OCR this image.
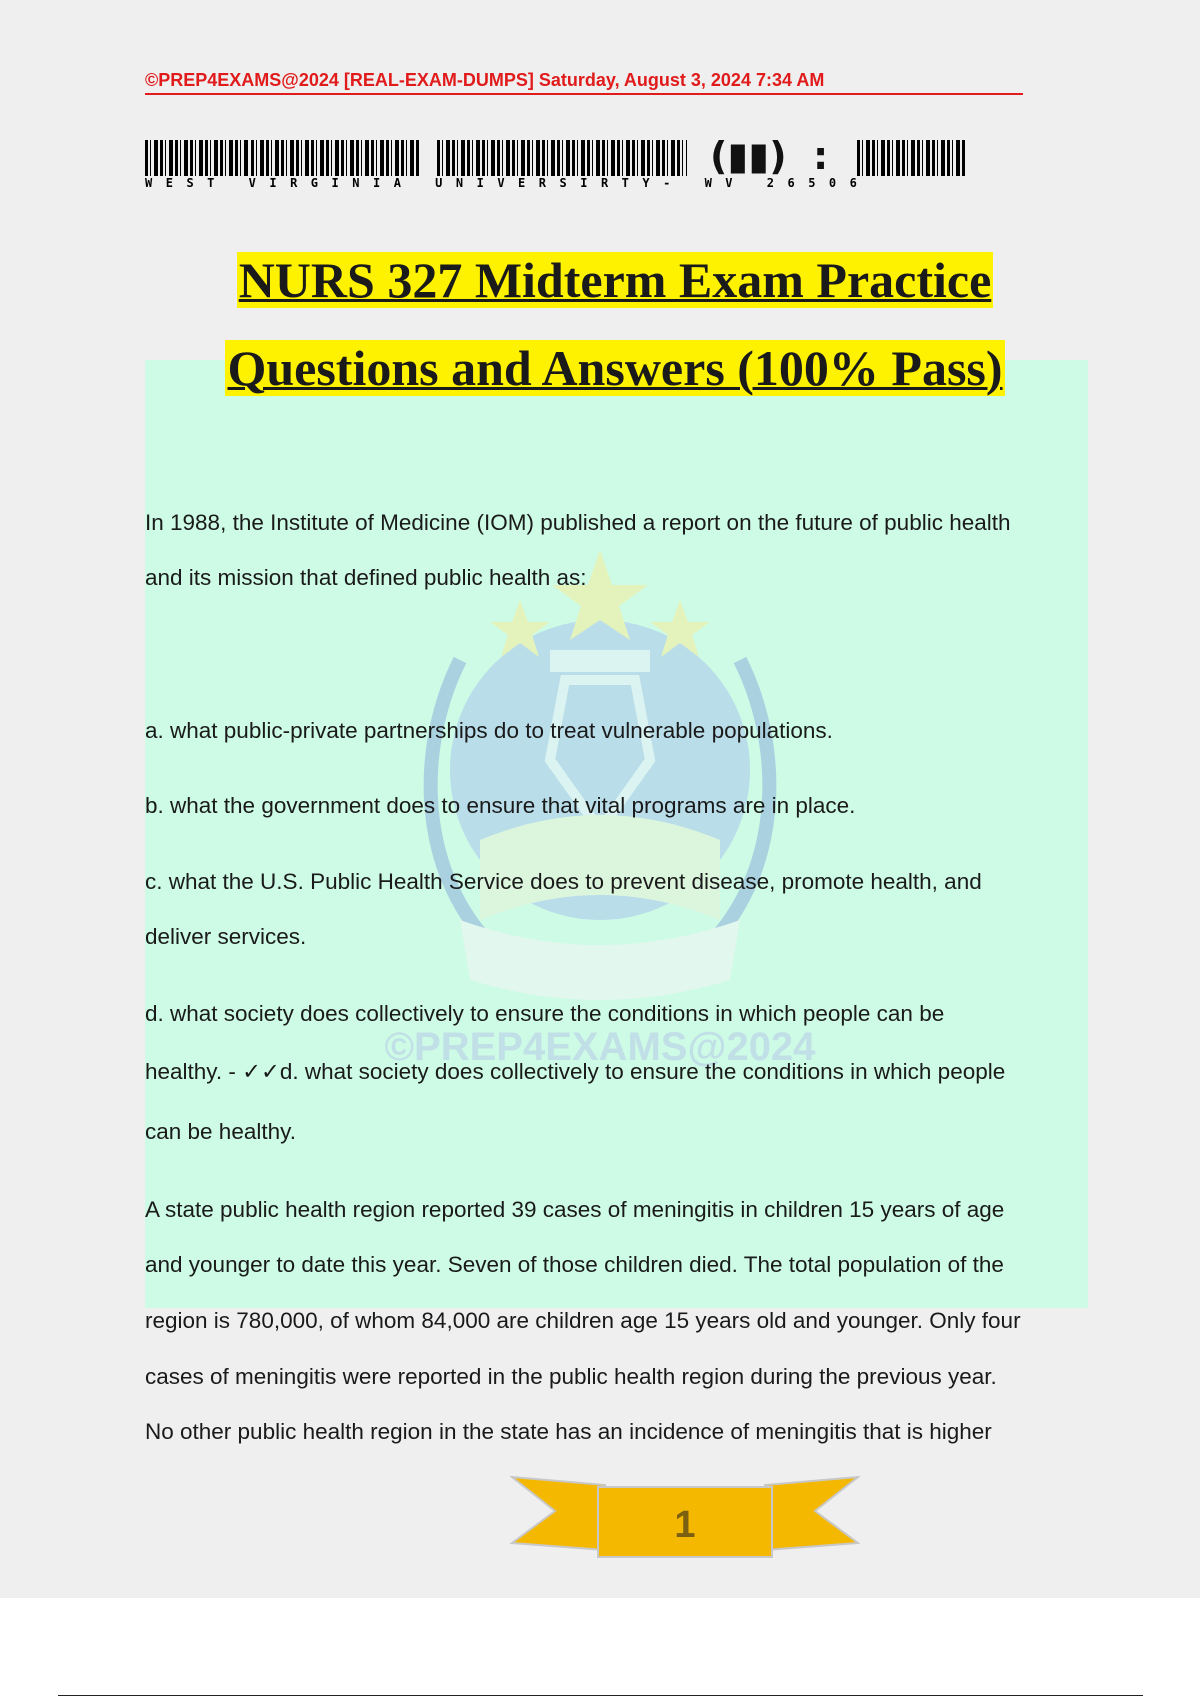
©PREP4EXAMS@2024 [REAL-EXAM-DUMPS] Saturday, August 3, 2024 7:34 AM
(▮▮) :
WEST VIRGINIA UNIVERSIRTY- WV 26506
©PREP4EXAMS@2024
NURS 327 Midterm Exam Practice
Questions and Answers (100% Pass)
In 1988, the Institute of Medicine (IOM) published a report on the future of public health
and its mission that defined public health as:
a. what public-private partnerships do to treat vulnerable populations.
b. what the government does to ensure that vital programs are in place.
c. what the U.S. Public Health Service does to prevent disease, promote health, and
deliver services.
d. what society does collectively to ensure the conditions in which people can be
healthy. - ✓✓d. what society does collectively to ensure the conditions in which people
can be healthy.
A state public health region reported 39 cases of meningitis in children 15 years of age
and younger to date this year. Seven of those children died. The total population of the
region is 780,000, of whom 84,000 are children age 15 years old and younger. Only four
cases of meningitis were reported in the public health region during the previous year.
No other public health region in the state has an incidence of meningitis that is higher
1
